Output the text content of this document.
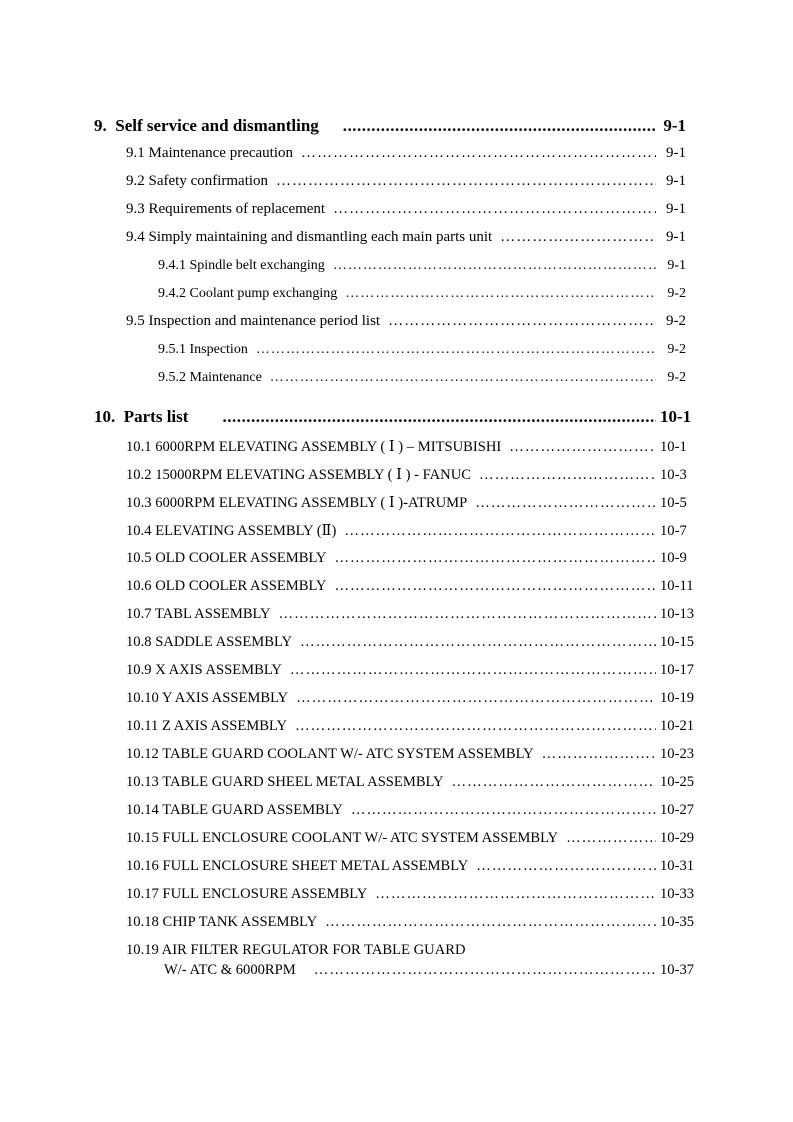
9. Self service and dismantling .....	9-1
9.1 Maintenance precaution …………………………………………………………………………………………………………………………………………………………………	9-1
9.2 Safety confirmation …………………………………………………………………………………………………………………………………………………………………	9-1
9.3 Requirements of replacement …………………………………………………………………………………………………………………………………………………………………	9-1
9.4 Simply maintaining and dismantling each main parts unit …………………………………………………………………………………………………………………………………………………………………	9-1
9.4.1 Spindle belt exchanging …………………………………………………………………………………………………………………………………………………………………	9-1
9.4.2 Coolant pump exchanging …………………………………………………………………………………………………………………………………………………………………	9-2
9.5 Inspection and maintenance period list …………………………………………………………………………………………………………………………………………………………………	9-2
9.5.1 Inspection …………………………………………………………………………………………………………………………………………………………………	9-2
9.5.2 Maintenance …………………………………………………………………………………………………………………………………………………………………	9-2
10. Parts list .....	10-1
10.1 6000RPM ELEVATING ASSEMBLY ( Ⅰ ) – MITSUBISHI …………………………………………………………………………………………………………………………………………………………………	10-1
10.2 15000RPM ELEVATING ASSEMBLY ( Ⅰ ) - FANUC …………………………………………………………………………………………………………………………………………………………………	10-3
10.3 6000RPM ELEVATING ASSEMBLY ( Ⅰ )-ATRUMP …………………………………………………………………………………………………………………………………………………………………	10-5
10.4 ELEVATING ASSEMBLY (Ⅱ) …………………………………………………………………………………………………………………………………………………………………	10-7
10.5 OLD COOLER ASSEMBLY …………………………………………………………………………………………………………………………………………………………………	10-9
10.6 OLD COOLER ASSEMBLY …………………………………………………………………………………………………………………………………………………………………	10-11
10.7 TABL ASSEMBLY …………………………………………………………………………………………………………………………………………………………………	10-13
10.8 SADDLE ASSEMBLY …………………………………………………………………………………………………………………………………………………………………	10-15
10.9 X AXIS ASSEMBLY …………………………………………………………………………………………………………………………………………………………………	10-17
10.10 Y AXIS ASSEMBLY …………………………………………………………………………………………………………………………………………………………………	10-19
10.11 Z AXIS ASSEMBLY …………………………………………………………………………………………………………………………………………………………………	10-21
10.12 TABLE GUARD COOLANT W/- ATC SYSTEM ASSEMBLY …………………………………………………………………………………………………………………………………………………………………	10-23
10.13 TABLE GUARD SHEEL METAL ASSEMBLY …………………………………………………………………………………………………………………………………………………………………	10-25
10.14 TABLE GUARD ASSEMBLY …………………………………………………………………………………………………………………………………………………………………	10-27
10.15 FULL ENCLOSURE COOLANT W/- ATC SYSTEM ASSEMBLY …………………………………………………………………………………………………………………………………………………………………	10-29
10.16 FULL ENCLOSURE SHEET METAL ASSEMBLY …………………………………………………………………………………………………………………………………………………………………	10-31
10.17 FULL ENCLOSURE ASSEMBLY …………………………………………………………………………………………………………………………………………………………………	10-33
10.18 CHIP TANK ASSEMBLY …………………………………………………………………………………………………………………………………………………………………	10-35
10.19 AIR FILTER REGULATOR FOR TABLE GUARD
W/- ATC & 6000RPM …………………………………………………………………………………………………………………………………………………………………	10-37
